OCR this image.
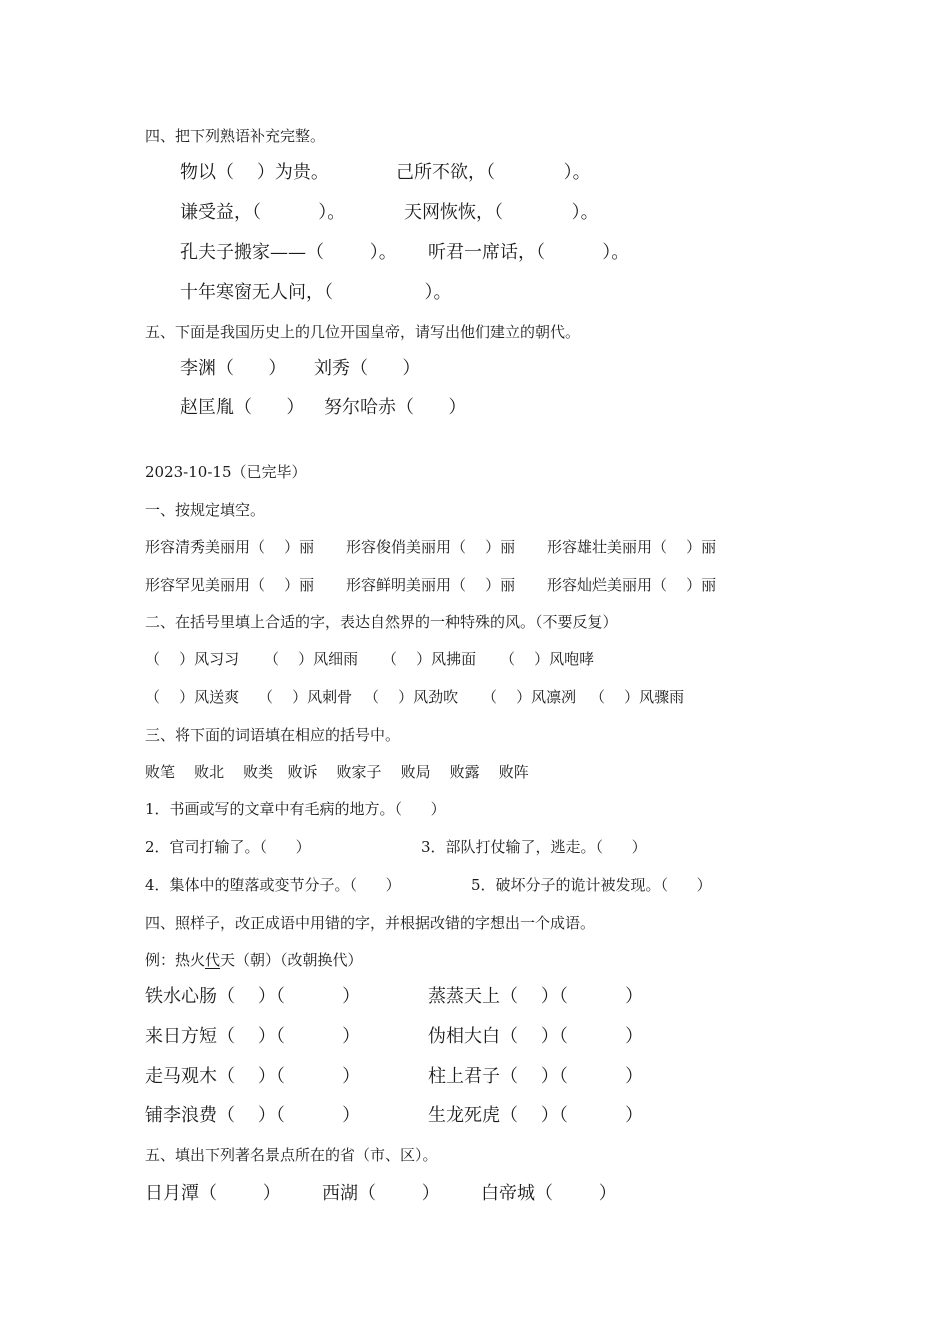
四、把下列熟语补充完整。
物以（    ）为贵。	己所不欲，（            ）。
谦受益，（          ）。	天网恢恢，（            ）。
孔夫子搬家——（        ）。 听君一席话，（          ）。
十年寒窗无人问，（                ）。
五、下面是我国历史上的几位开国皇帝，请写出他们建立的朝代。
李渊（      ） 刘秀（      ）
赵匡胤（      ） 努尔哈赤（      ）
2023-10-15（已完毕）
一、按规定填空。
形容清秀美丽用（    ）丽 形容俊俏美丽用（    ）丽 形容雄壮美丽用（    ）丽
形容罕见美丽用（    ）丽 形容鲜明美丽用（    ）丽 形容灿烂美丽用（    ）丽
二、在括号里填上合适的字，表达自然界的一种特殊的风。（不要反复）
（    ）风习习 （    ）风细雨 （    ）风拂面 （    ）风咆哮
（    ）风送爽 （    ）风刺骨 （    ）风劲吹 （    ）风凛冽 （    ）风骤雨
三、将下面的词语填在相应的括号中。
败笔    败北    败类   败诉    败家子    败局    败露    败阵
1．书画或写的文章中有毛病的地方。（      ）
2．官司打输了。（      ）	3．部队打仗输了，逃走。（      ）
4．集体中的堕落或变节分子。（      ）	5．破坏分子的诡计被发现。（      ）
四、照样子，改正成语中用错的字，并根据改错的字想出一个成语。
例：热火代天（朝）（改朝换代）
铁水心肠（    ）（          ）	蒸蒸天上（    ）（          ）
来日方短（    ）（          ）	伪相大白（    ）（          ）
走马观木（    ）（          ）	柱上君子（    ）（          ）
铺李浪费（    ）（          ）	生龙死虎（    ）（          ）
五、填出下列著名景点所在的省（市、区）。
日月潭（        ） 西湖（        ） 白帝城（        ）
